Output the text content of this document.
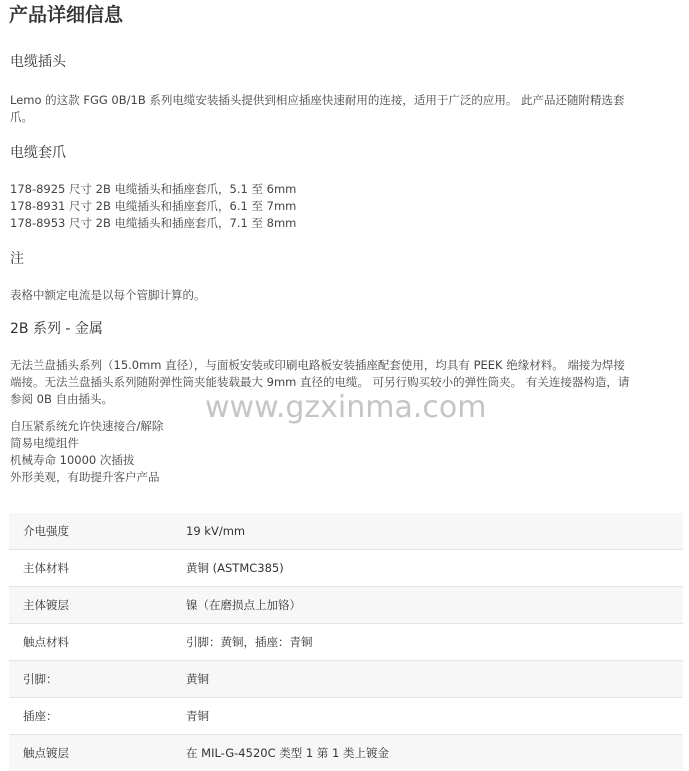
产品详细信息
电缆插头

Lemo 的这款 FGG 0B/1B 系列电缆安装插头提供到相应插座快速耐用的连接，适用于广泛的应用。 此产品还随附精选套
爪。

电缆套爪

178-8925 尺寸 2B 电缆插头和插座套爪，5.1 至 6mm
178-8931 尺寸 2B 电缆插头和插座套爪，6.1 至 7mm
178-8953 尺寸 2B 电缆插头和插座套爪，7.1 至 8mm

注

表格中额定电流是以每个管脚计算的。

2B 系列 - 金属

无法兰盘插头系列（15.0mm 直径），与面板安装或印刷电路板安装插座配套使用，均具有 PEEK 绝缘材料。 端接为焊接
端接。无法兰盘插头系列随附弹性筒夹能装载最大 9mm 直径的电缆。 可另行购买较小的弹性筒夹。 有关连接器构造，请
参阅 0B 自由插头。

自压紧系统允许快速接合/解除
简易电缆组件
机械寿命 10000 次插拔
外形美观，有助提升客户产品

www.gzxinma.com
介电强度	19 kV/mm
主体材料	黄铜 (ASTMC385)
主体镀层	镍（在磨损点上加铬）
触点材料	引脚：黄铜，插座：青铜
引脚：	黄铜
插座：	青铜
触点镀层	在 MIL-G-4520C 类型 1 第 1 类上镀金
